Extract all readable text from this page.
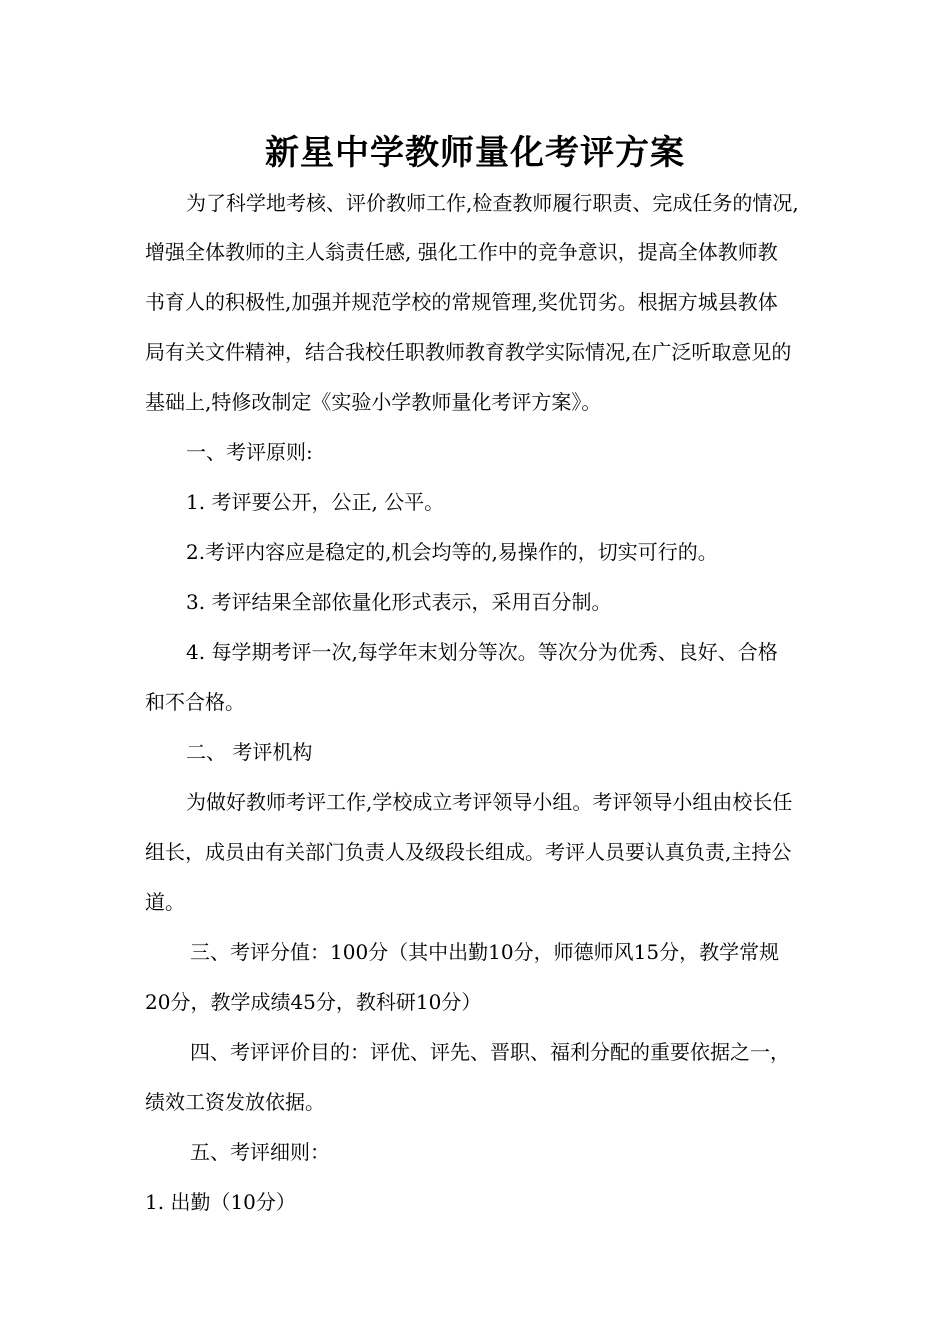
新星中学教师量化考评方案
为了科学地考核、评价教师工作,检查教师履行职责、完成任务的情况,
增强全体教师的主人翁责任感, 强化工作中的竞争意识，提高全体教师教
书育人的积极性,加强并规范学校的常规管理,奖优罚劣。根据方城县教体
局有关文件精神，结合我校任职教师教育教学实际情况,在广泛听取意见的
基础上,特修改制定《实验小学教师量化考评方案》。
一、考评原则:
1. 考评要公开，公正, 公平。
2.考评内容应是稳定的,机会均等的,易操作的，切实可行的。
3. 考评结果全部依量化形式表示，采用百分制。
4. 每学期考评一次,每学年末划分等次。等次分为优秀、良好、合格
和不合格。
二、 考评机构
为做好教师考评工作,学校成立考评领导小组。考评领导小组由校长任
组长，成员由有关部门负责人及级段长组成。考评人员要认真负责,主持公
道。
三、考评分值：100分（其中出勤10分，师德师风15分，教学常规
20分，教学成绩45分，教科研10分）
四、考评评价目的：评优、评先、晋职、福利分配的重要依据之一，
绩效工资发放依据。
五、考评细则：
1. 出勤（10分）
